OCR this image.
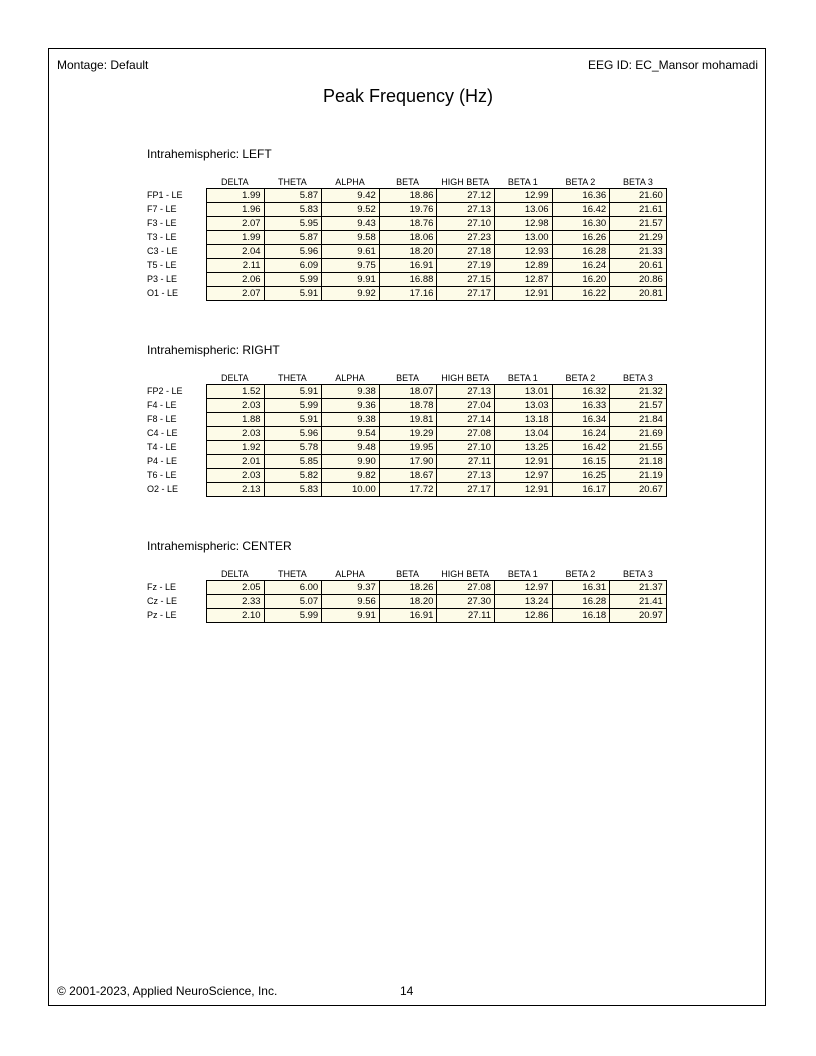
Montage: Default	EEG ID: EC_Mansor mohamadi
Peak Frequency (Hz)
Intrahemispheric: LEFT
DELTA	THETA	ALPHA	BETA	HIGH BETA	BETA 1	BETA 2	BETA 3
FP1 - LE	1.99	5.87	9.42	18.86	27.12	12.99	16.36	21.60
F7 - LE	1.96	5.83	9.52	19.76	27.13	13.06	16.42	21.61
F3 - LE	2.07	5.95	9.43	18.76	27.10	12.98	16.30	21.57
T3 - LE	1.99	5.87	9.58	18.06	27.23	13.00	16.26	21.29
C3 - LE	2.04	5.96	9.61	18.20	27.18	12.93	16.28	21.33
T5 - LE	2.11	6.09	9.75	16.91	27.19	12.89	16.24	20.61
P3 - LE	2.06	5.99	9.91	16.88	27.15	12.87	16.20	20.86
O1 - LE	2.07	5.91	9.92	17.16	27.17	12.91	16.22	20.81
Intrahemispheric: RIGHT
DELTA	THETA	ALPHA	BETA	HIGH BETA	BETA 1	BETA 2	BETA 3
FP2 - LE	1.52	5.91	9.38	18.07	27.13	13.01	16.32	21.32
F4 - LE	2.03	5.99	9.36	18.78	27.04	13.03	16.33	21.57
F8 - LE	1.88	5.91	9.38	19.81	27.14	13.18	16.34	21.84
C4 - LE	2.03	5.96	9.54	19.29	27.08	13.04	16.24	21.69
T4 - LE	1.92	5.78	9.48	19.95	27.10	13.25	16.42	21.55
P4 - LE	2.01	5.85	9.90	17.90	27.11	12.91	16.15	21.18
T6 - LE	2.03	5.82	9.82	18.67	27.13	12.97	16.25	21.19
O2 - LE	2.13	5.83	10.00	17.72	27.17	12.91	16.17	20.67
Intrahemispheric: CENTER
DELTA	THETA	ALPHA	BETA	HIGH BETA	BETA 1	BETA 2	BETA 3
Fz - LE	2.05	6.00	9.37	18.26	27.08	12.97	16.31	21.37
Cz - LE	2.33	5.07	9.56	18.20	27.30	13.24	16.28	21.41
Pz - LE	2.10	5.99	9.91	16.91	27.11	12.86	16.18	20.97
© 2001-2023, Applied NeuroScience, Inc.	14
